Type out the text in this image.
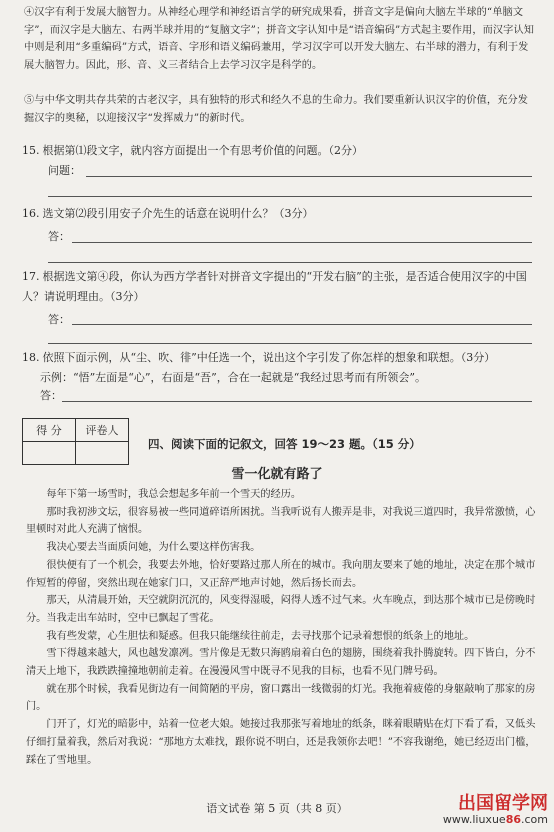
④汉字有利于发展大脑智力。从神经心理学和神经语言学的研究成果看，拼音文字是偏向大脑左半球的“单脑文字”，而汉字是大脑左、右两半球并用的“复脑文字”；拼音文字认知中是“语音编码”方式起主要作用，而汉字认知中则是利用“多重编码”方式，语音、字形和语义编码兼用，学习汉字可以开发大脑左、右半球的潜力，有利于发展大脑智力。因此，形、音、义三者结合上去学习汉字是科学的。
⑤与中华文明共存共荣的古老汉字，具有独特的形式和经久不息的生命力。我们要重新认识汉字的价值，充分发掘汉字的奥秘，以迎接汉字“发挥威力”的新时代。
15. 根据第⑴段文字，就内容方面提出一个有思考价值的问题。（2分）
问题：
16. 选文第⑵段引用安子介先生的话意在说明什么？（3分）
答：
17. 根据选文第④段，你认为西方学者针对拼音文字提出的“开发右脑”的主张，是否适合使用汉字的中国人？请说明理由。（3分）
答：
18. 依照下面示例，从“尘、吹、徘”中任选一个，说出这个字引发了你怎样的想象和联想。（3分）
示例：“悟”左面是“心”，右面是“吾”，合在一起就是“我经过思考而有所领会”。
答：
得 分	评卷人

四、阅读下面的记叙文，回答 19～23 题。（15 分）
雪一化就有路了

每年下第一场雪时，我总会想起多年前一个雪天的经历。

那时我初涉文坛，很容易被一些同道碎语所困扰。当我听说有人搬弄是非，对我说三道四时，我异常激愤，心里顿时对此人充满了恼恨。

我决心要去当面质问她，为什么要这样伤害我。

很快便有了一个机会，我要去外地，恰好要路过那人所在的城市。我向朋友要来了她的地址，决定在那个城市作短暂的停留，突然出现在她家门口，又正辞严地声讨她，然后扬长而去。

那天，从清晨开始，天空就阴沉沉的，风变得湿暖，闷得人透不过气来。火车晚点，到达那个城市已是傍晚时分。当我走出车站时，空中已飘起了雪花。

我有些发蒙，心生胆怯和疑惑。但我只能继续往前走，去寻找那个记录着想恨的纸条上的地址。

雪下得越来越大，风也越发凛冽。雪片像是无数只海鸥扇着白色的翅膀，围绕着我扑腾旋转。四下皆白，分不清天上地下，我跌跌撞撞地朝前走着。在漫漫风雪中既寻不见我的目标，也看不见门牌号码。

就在那个时候，我看见街边有一间简陋的平房，窗口露出一线微弱的灯光。我拖着疲倦的身躯敲响了那家的房门。

门开了，灯光的暗影中，站着一位老大娘。她接过我那张写着地址的纸条，眯着眼睛贴在灯下看了看，又低头仔细打量着我，然后对我说：“那地方太难找，跟你说不明白，还是我领你去吧！”不容我谢绝，她已经迈出门槛，踩在了雪地里。

语文试卷 第 5 页（共 8 页）	出国留学网
www.liuxue86.com
